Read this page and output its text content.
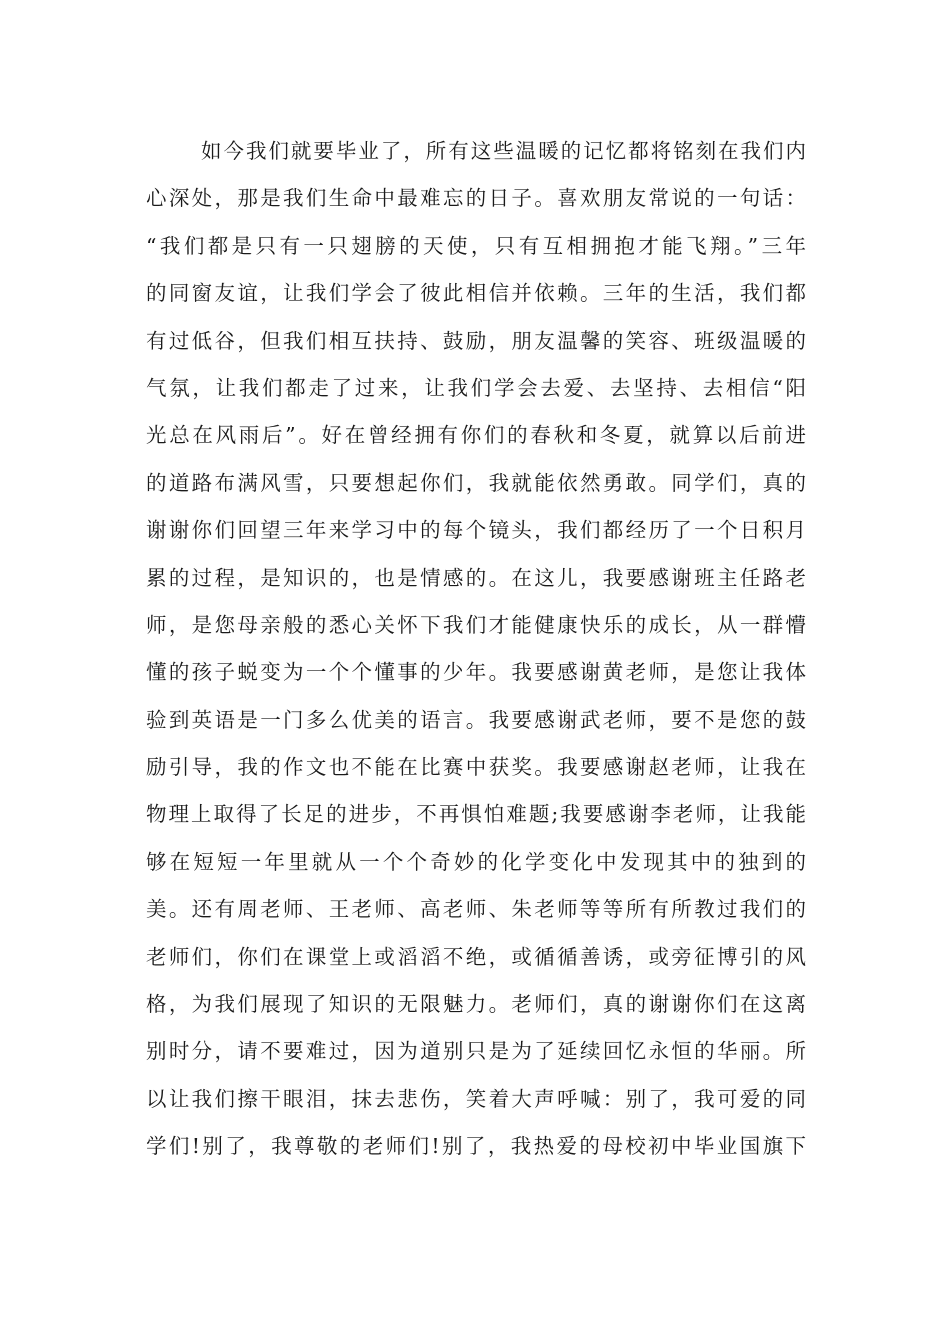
如今我们就要毕业了，所有这些温暖的记忆都将铭刻在我们内
心深处，那是我们生命中最难忘的日子。喜欢朋友常说的一句话：
“我们都是只有一只翅膀的天使，只有互相拥抱才能飞翔。”三年
的同窗友谊，让我们学会了彼此相信并依赖。三年的生活，我们都
有过低谷，但我们相互扶持、鼓励，朋友温馨的笑容、班级温暖的
气氛，让我们都走了过来，让我们学会去爱、去坚持、去相信“阳
光总在风雨后”。好在曾经拥有你们的春秋和冬夏，就算以后前进
的道路布满风雪，只要想起你们，我就能依然勇敢。同学们，真的
谢谢你们回望三年来学习中的每个镜头，我们都经历了一个日积月
累的过程，是知识的，也是情感的。在这儿，我要感谢班主任路老
师，是您母亲般的悉心关怀下我们才能健康快乐的成长，从一群懵
懂的孩子蜕变为一个个懂事的少年。我要感谢黄老师，是您让我体
验到英语是一门多么优美的语言。我要感谢武老师，要不是您的鼓
励引导，我的作文也不能在比赛中获奖。我要感谢赵老师，让我在
物理上取得了长足的进步，不再惧怕难题;我要感谢李老师，让我能
够在短短一年里就从一个个奇妙的化学变化中发现其中的独到的
美。还有周老师、王老师、高老师、朱老师等等所有所教过我们的
老师们，你们在课堂上或滔滔不绝，或循循善诱，或旁征博引的风
格，为我们展现了知识的无限魅力。老师们，真的谢谢你们在这离
别时分，请不要难过，因为道别只是为了延续回忆永恒的华丽。所
以让我们擦干眼泪，抹去悲伤，笑着大声呼喊：别了，我可爱的同
学们!别了，我尊敬的老师们!别了，我热爱的母校初中毕业国旗下
